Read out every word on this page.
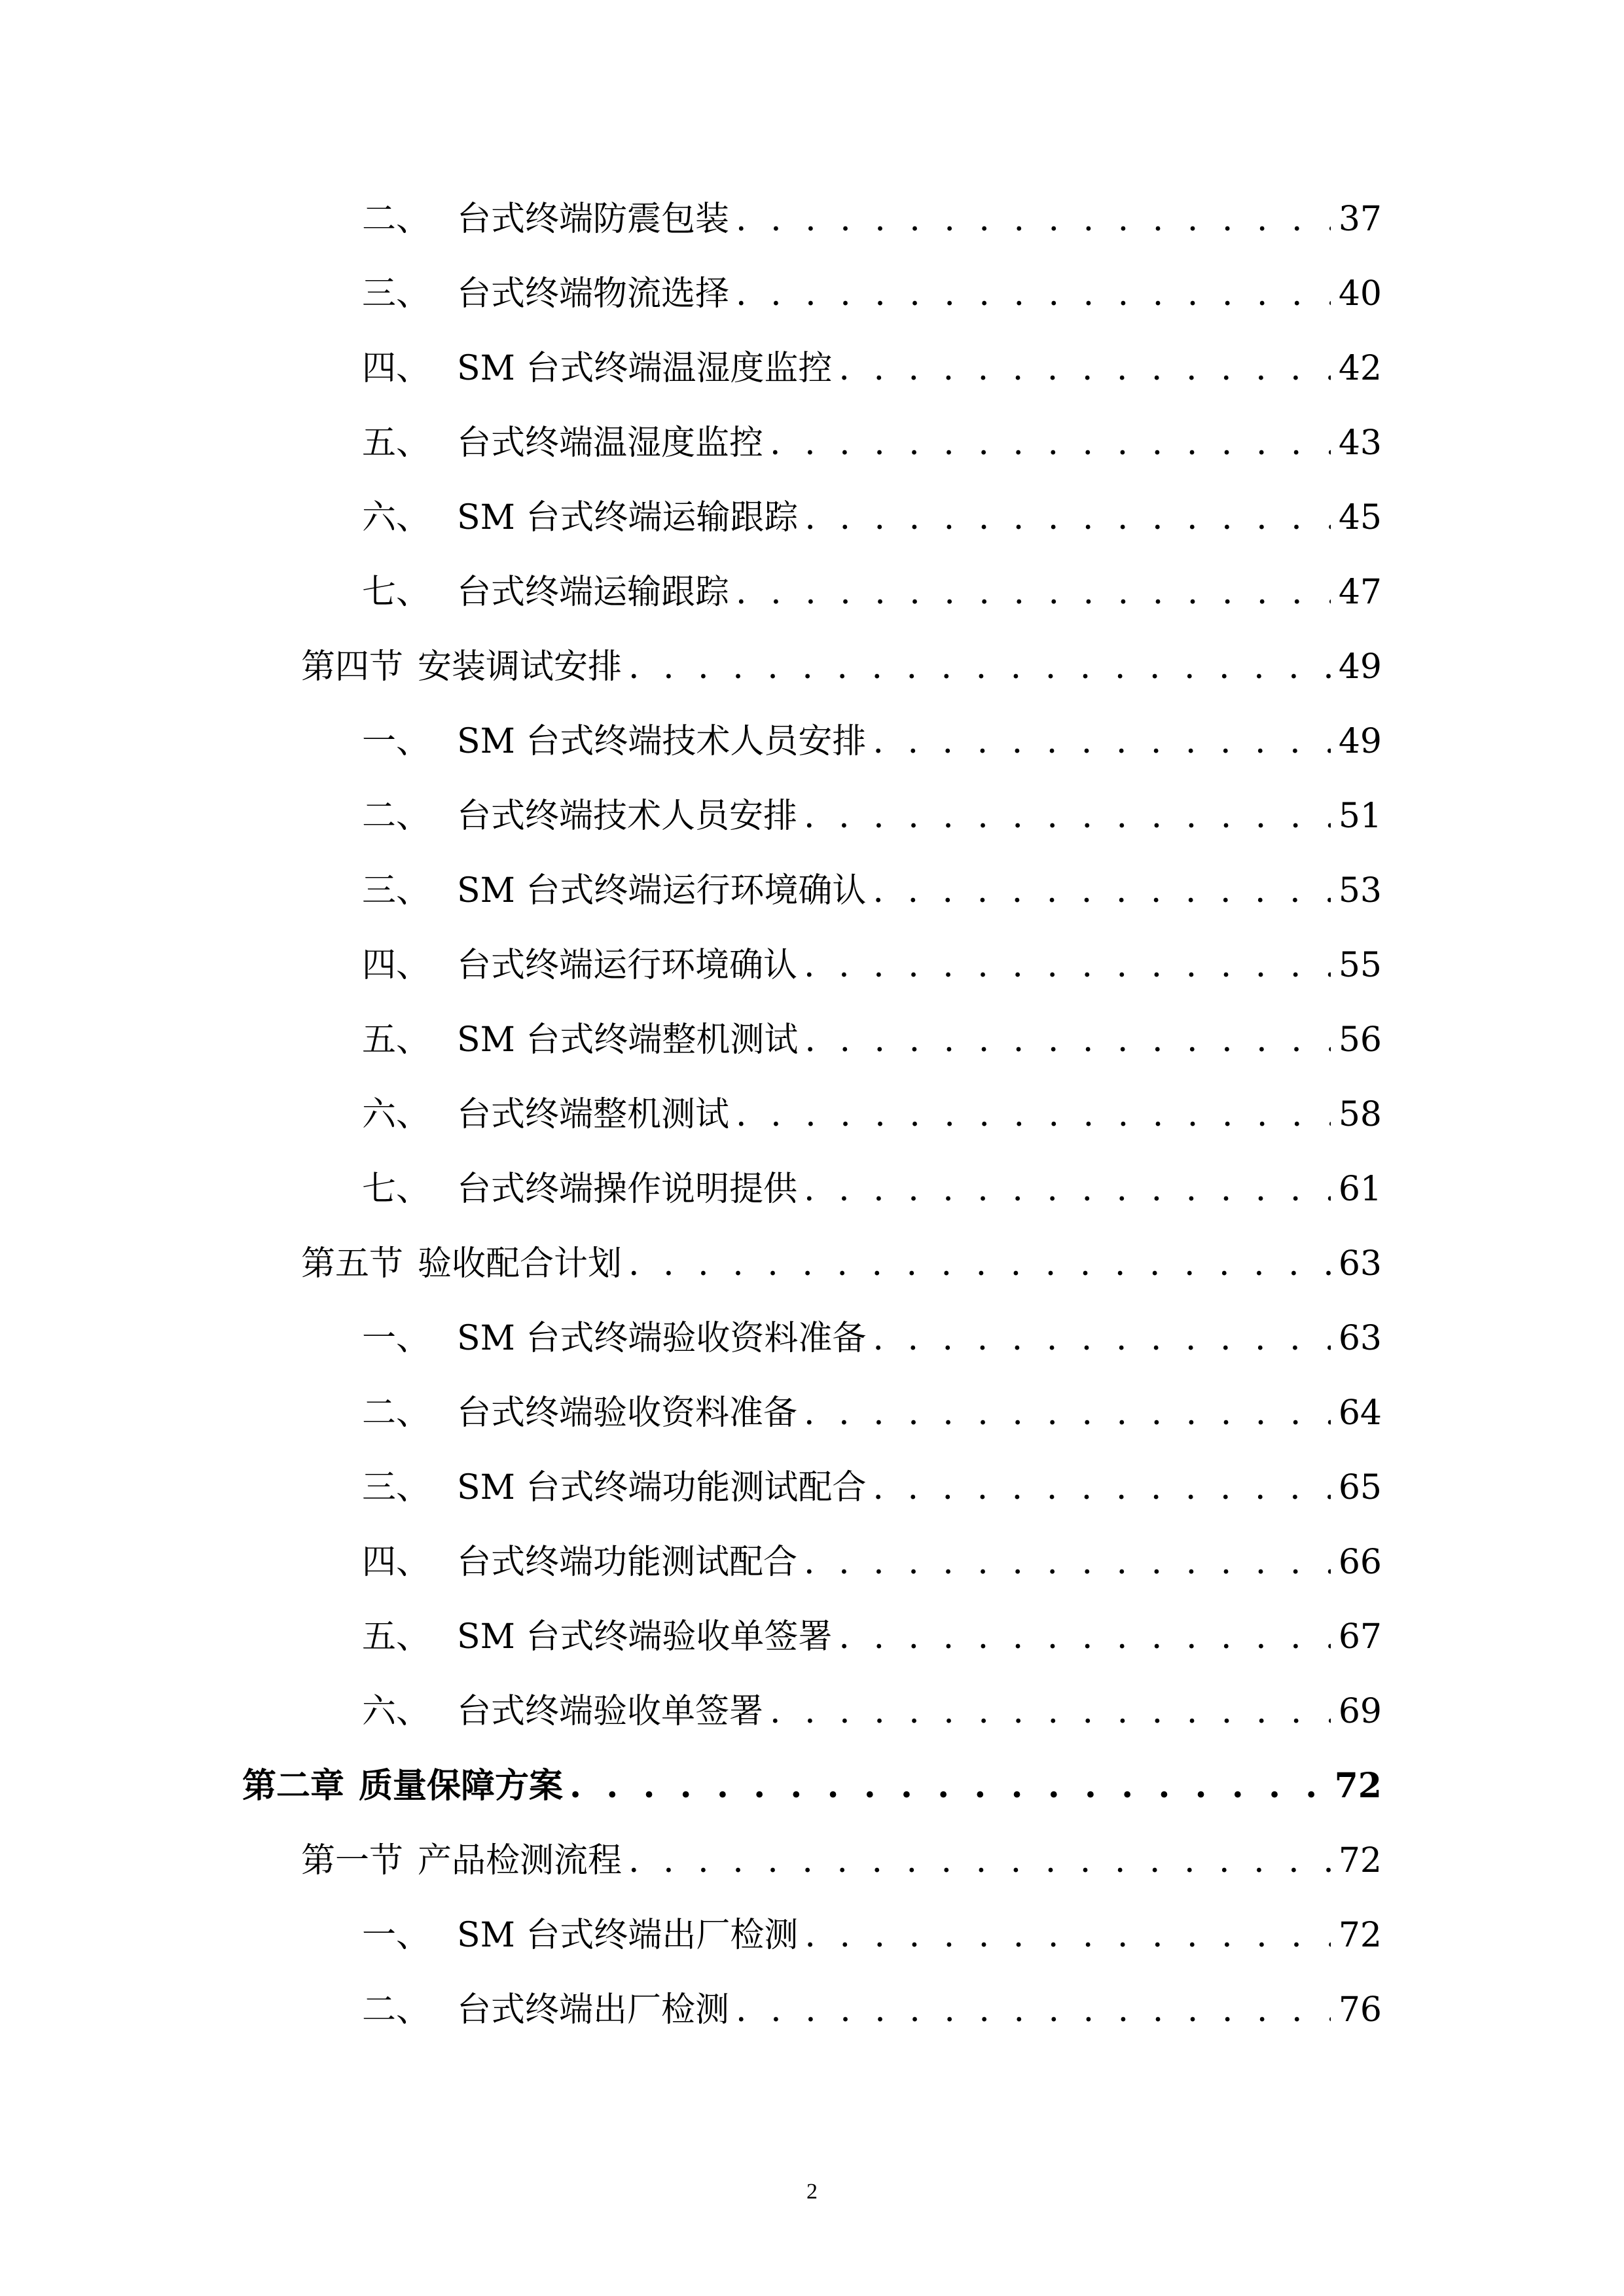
二、 台式终端防震包装 . . .	37
三、 台式终端物流选择 . . .	40
四、 SM 台式终端温湿度监控 . . .	42
五、 台式终端温湿度监控 . . .	43
六、 SM 台式终端运输跟踪 . . .	45
七、 台式终端运输跟踪 . . .	47
第四节 安装调试安排 . . .	49
一、 SM 台式终端技术人员安排 . . .	49
二、 台式终端技术人员安排 . . .	51
三、 SM 台式终端运行环境确认 . . .	53
四、 台式终端运行环境确认 . . .	55
五、 SM 台式终端整机测试 . . .	56
六、 台式终端整机测试 . . .	58
七、 台式终端操作说明提供 . . .	61
第五节 验收配合计划 . . .	63
一、 SM 台式终端验收资料准备 . . .	63
二、 台式终端验收资料准备 . . .	64
三、 SM 台式终端功能测试配合 . . .	65
四、 台式终端功能测试配合 . . .	66
五、 SM 台式终端验收单签署 . . .	67
六、 台式终端验收单签署 . . .	69
第二章 质量保障方案 . . .	72
第一节 产品检测流程 . . .	72
一、 SM 台式终端出厂检测 . . .	72
二、 台式终端出厂检测 . . .	76
2
